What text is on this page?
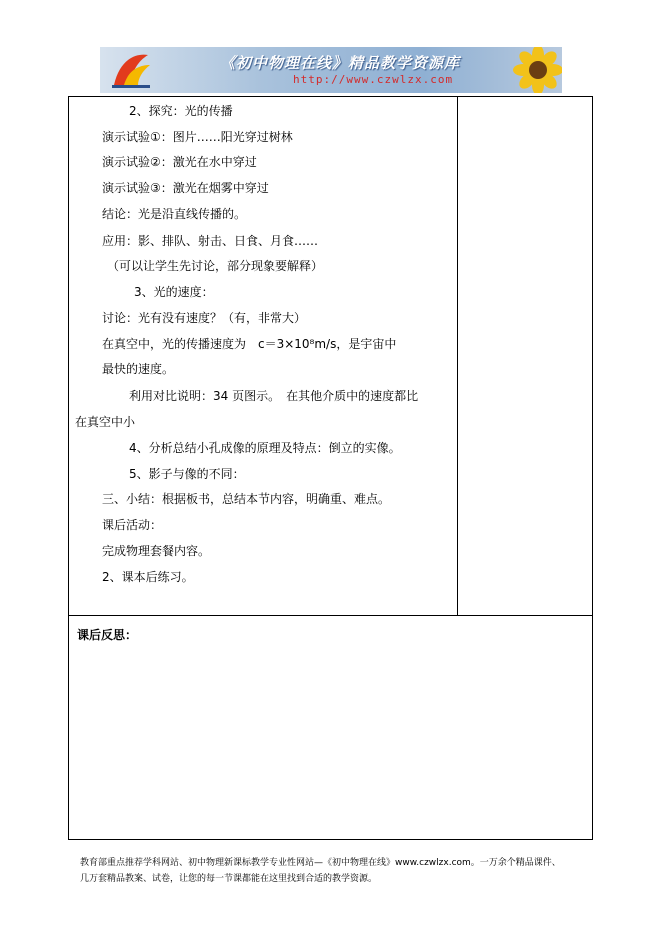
《初中物理在线》精品教学资源库
http://www.czwlzx.com
2、探究：光的传播
演示试验①：图片……阳光穿过树林
演示试验②：激光在水中穿过
演示试验③：激光在烟雾中穿过
结论：光是沿直线传播的。
应用：影、排队、射击、日食、月食……
（可以让学生先讨论，部分现象要解释）
3、光的速度：
讨论：光有没有速度？（有，非常大）
在真空中，光的传播速度为　c＝3×10⁸m/s，是宇宙中
最快的速度。
利用对比说明：34 页图示。　在其他介质中的速度都比
在真空中小
4、分析总结小孔成像的原理及特点：倒立的实像。
5、影子与像的不同：
三、小结：根据板书，总结本节内容，明确重、难点。
课后活动：
完成物理套餐内容。
2、课本后练习。
课后反思：
教育部重点推荐学科网站、初中物理新课标教学专业性网站—《初中物理在线》www.czwlzx.com。一万余个精品课件、
几万套精品教案、试卷，让您的每一节课都能在这里找到合适的教学资源。
